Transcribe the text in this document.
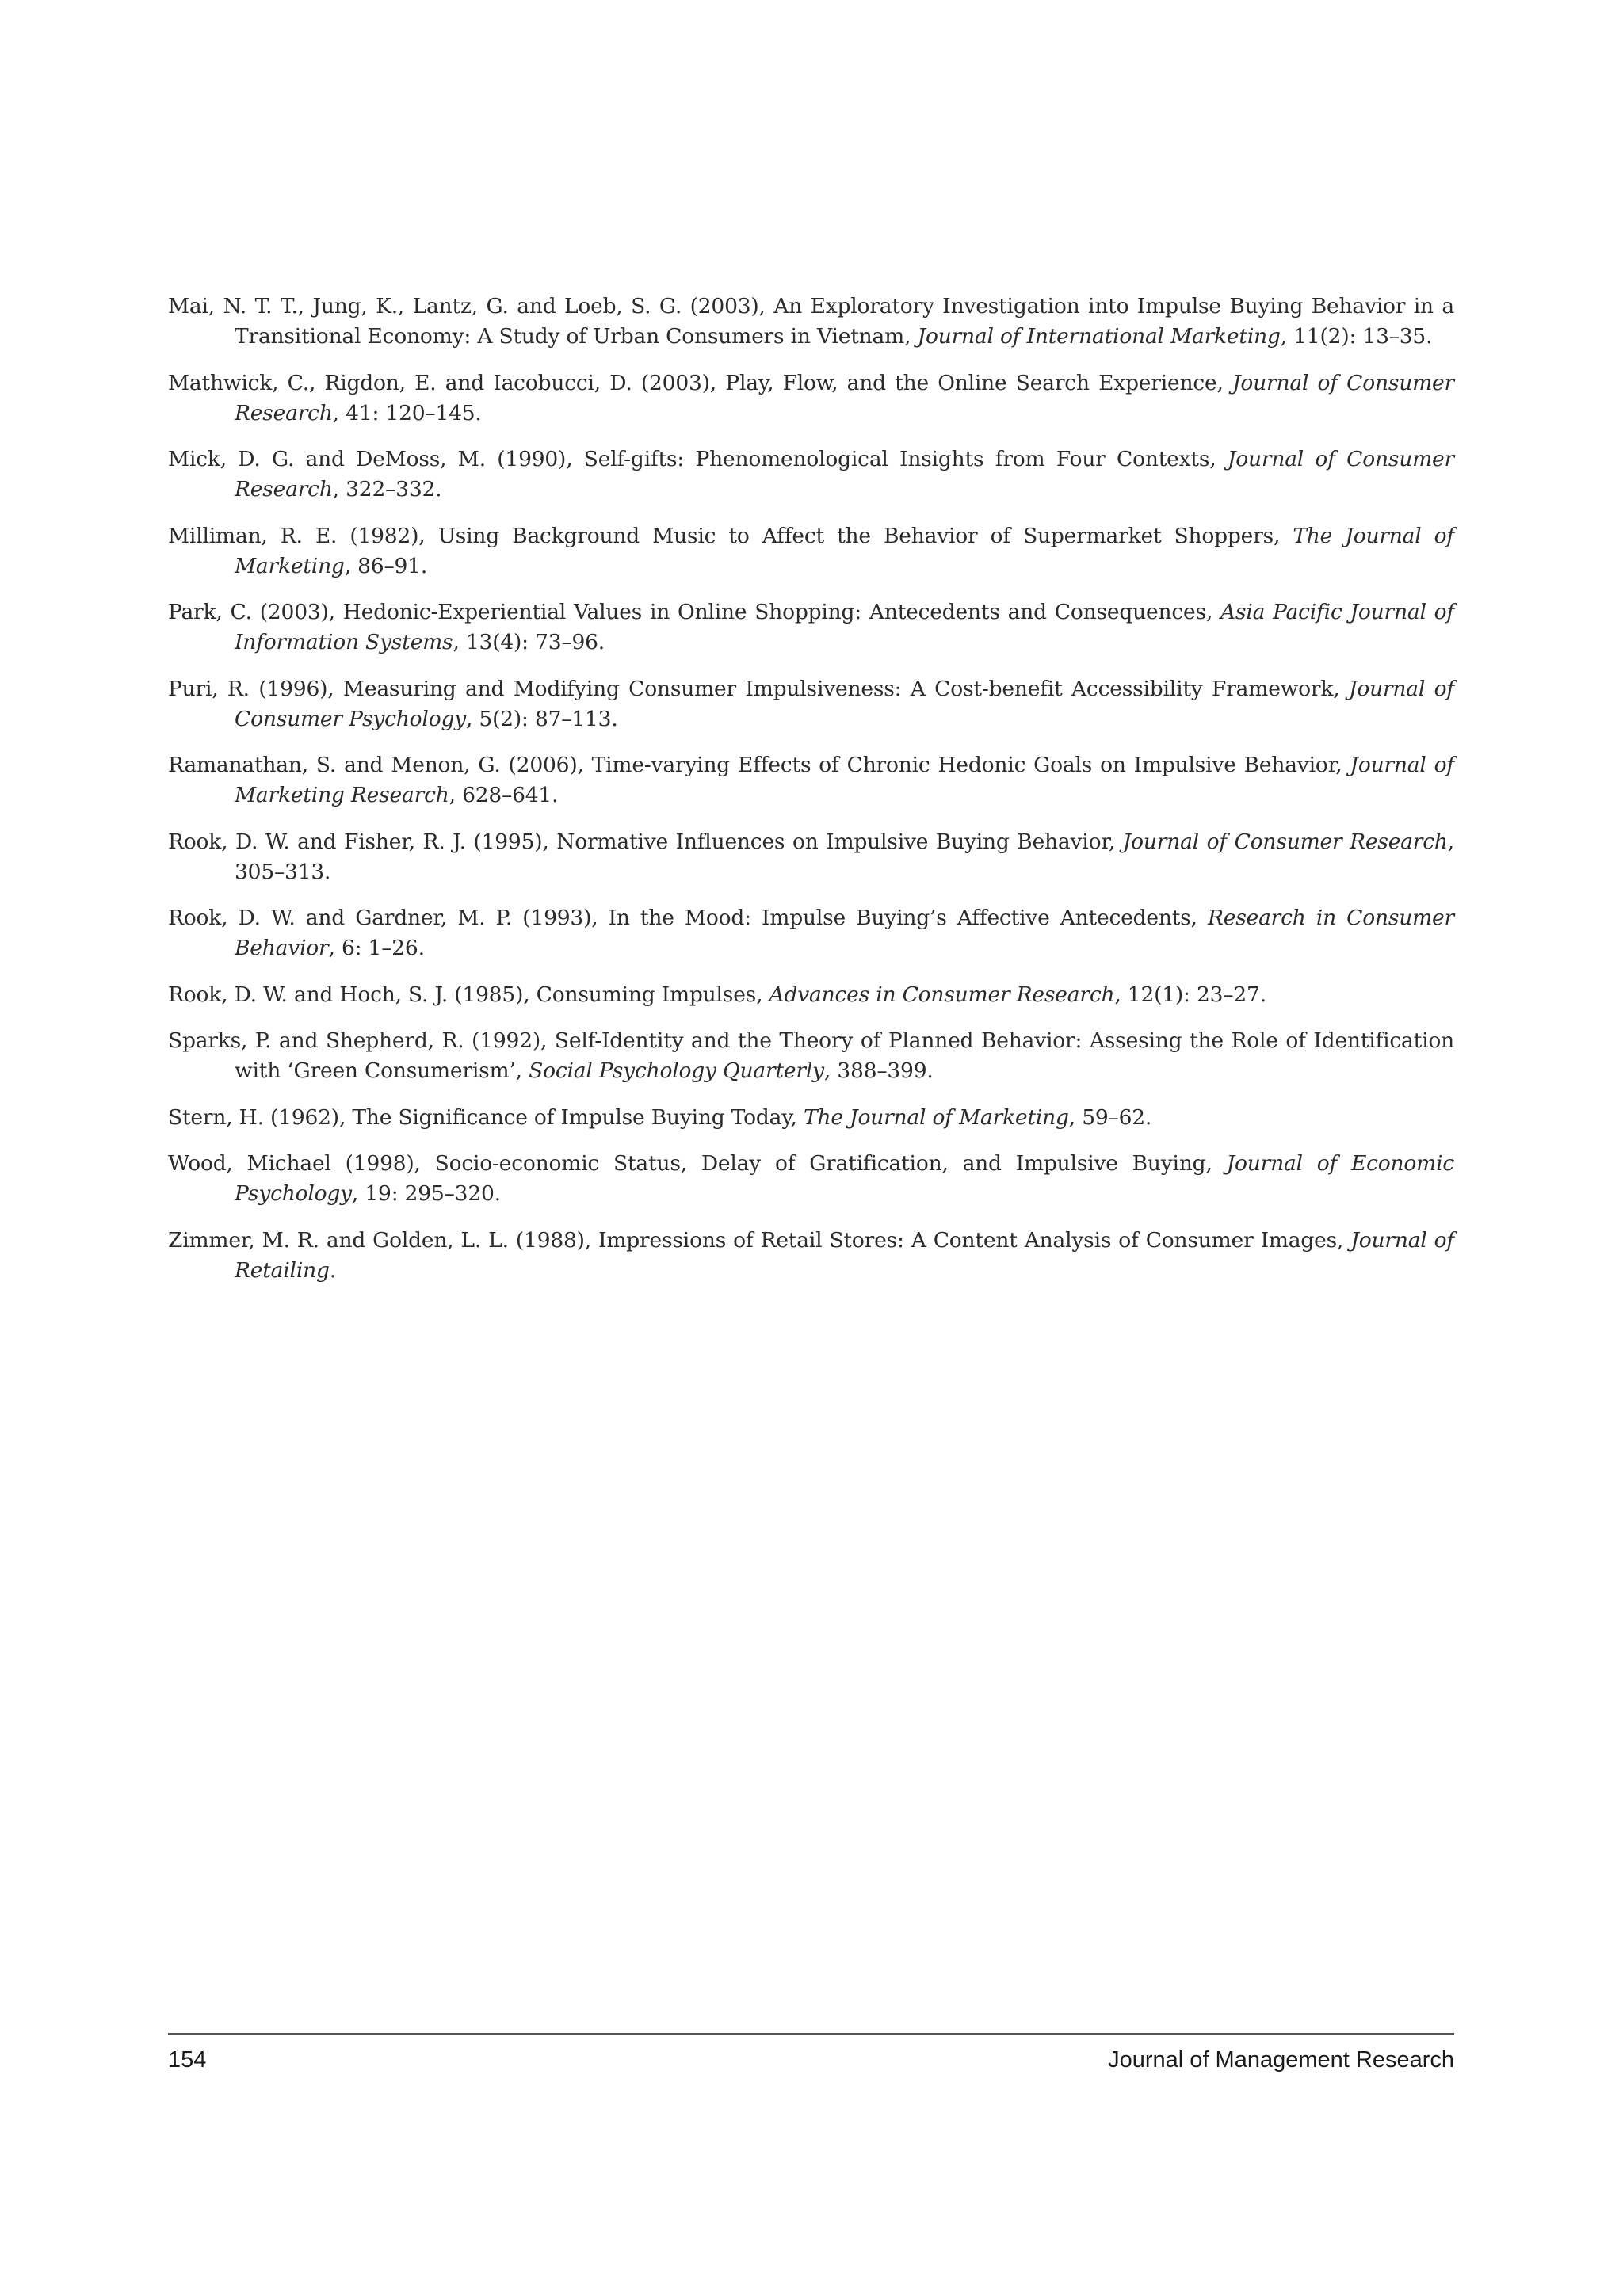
Mai, N. T. T., Jung, K., Lantz, G. and Loeb, S. G. (2003), An Exploratory Investigation into Impulse Buying Behavior in a Transitional Economy: A Study of Urban Consumers in Vietnam, Journal of International Marketing, 11(2): 13–35.

Mathwick, C., Rigdon, E. and Iacobucci, D. (2003), Play, Flow, and the Online Search Experience, Journal of Consumer Research, 41: 120–145.

Mick, D. G. and DeMoss, M. (1990), Self-gifts: Phenomenological Insights from Four Contexts, Journal of Consumer Research, 322–332.

Milliman, R. E. (1982), Using Background Music to Affect the Behavior of Supermarket Shoppers, The Journal of Marketing, 86–91.

Park, C. (2003), Hedonic-Experiential Values in Online Shopping: Antecedents and Consequences, Asia Pacific Journal of Information Systems, 13(4): 73–96.

Puri, R. (1996), Measuring and Modifying Consumer Impulsiveness: A Cost-benefit Accessibility Framework, Journal of Consumer Psychology, 5(2): 87–113.

Ramanathan, S. and Menon, G. (2006), Time-varying Effects of Chronic Hedonic Goals on Impulsive Behavior, Journal of Marketing Research, 628–641.

Rook, D. W. and Fisher, R. J. (1995), Normative Influences on Impulsive Buying Behavior, Journal of Consumer Research, 305–313.

Rook, D. W. and Gardner, M. P. (1993), In the Mood: Impulse Buying’s Affective Antecedents, Research in Consumer Behavior, 6: 1–26.

Rook, D. W. and Hoch, S. J. (1985), Consuming Impulses, Advances in Consumer Research, 12(1): 23–27.

Sparks, P. and Shepherd, R. (1992), Self-Identity and the Theory of Planned Behavior: Assesing the Role of Identification with ‘Green Consumerism’, Social Psychology Quarterly, 388–399.

Stern, H. (1962), The Significance of Impulse Buying Today, The Journal of Marketing, 59–62.

Wood, Michael (1998), Socio-economic Status, Delay of Gratification, and Impulsive Buying, Journal of Economic Psychology, 19: 295–320.

Zimmer, M. R. and Golden, L. L. (1988), Impressions of Retail Stores: A Content Analysis of Consumer Images, Journal of Retailing.

154	Journal of Management Research
